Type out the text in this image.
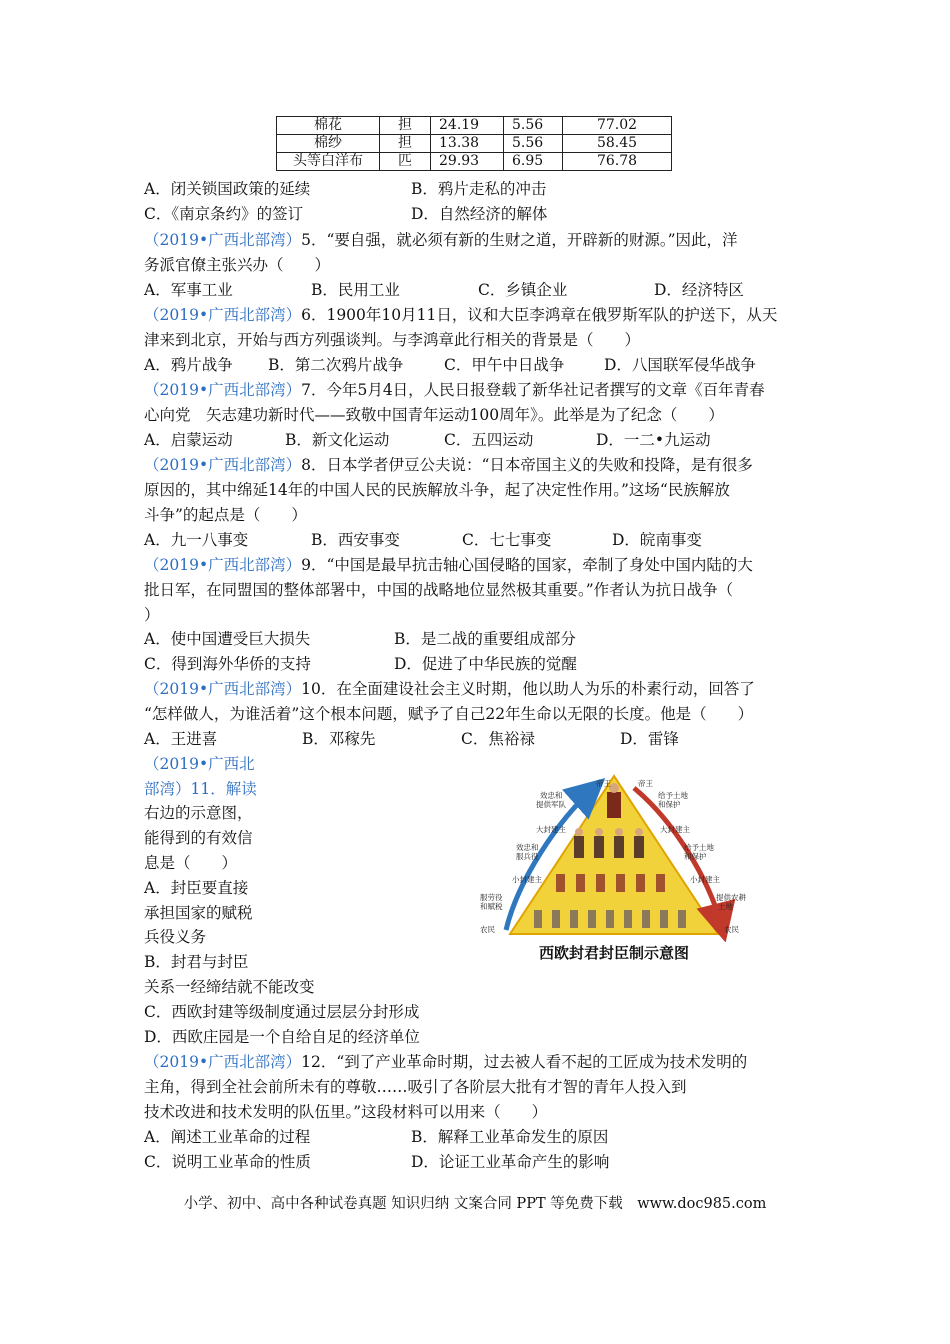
棉花	担	24.19	5.56	77.02
棉纱	担	13.38	5.56	58.45
头等白洋布	匹	29.93	6.95	76.78
A．闭关锁国政策的延续	B．鸦片走私的冲击
C．《南京条约》的签订	D．自然经济的解体
（2019•广西北部湾）5．“要自强，就必须有新的生财之道，开辟新的财源。”因此，洋
务派官僚主张兴办（　　）
A．军事工业	B．民用工业	C．乡镇企业	D．经济特区
（2019•广西北部湾）6．1900年10月11日，议和大臣李鸿章在俄罗斯军队的护送下，从天
津来到北京，开始与西方列强谈判。与李鸿章此行相关的背景是（　　）
A．鸦片战争 B．第二次鸦片战争	C．甲午中日战争	D．八国联军侵华战争
（2019•广西北部湾）7．今年5月4日，人民日报登载了新华社记者撰写的文章《百年青春
心向党　矢志建功新时代——致敬中国青年运动100周年》。此举是为了纪念（　　）
A．启蒙运动	B．新文化运动	C．五四运动	D．一二•九运动
（2019•广西北部湾）8．日本学者伊豆公夫说：“日本帝国主义的失败和投降，是有很多
原因的，其中绵延14年的中国人民的民族解放斗争，起了决定性作用。”这场“民族解放
斗争”的起点是（　　）
A．九一八事变	B．西安事变	C．七七事变	D．皖南事变
（2019•广西北部湾）9．“中国是最早抗击轴心国侵略的国家，牵制了身处中国内陆的大
批日军，在同盟国的整体部署中，中国的战略地位显然极其重要。”作者认为抗日战争（
）
A．使中国遭受巨大损失	B．是二战的重要组成部分
C．得到海外华侨的支持	D．促进了中华民族的觉醒
（2019•广西北部湾）10．在全面建设社会主义时期，他以助人为乐的朴素行动，回答了
“怎样做人，为谁活着”这个根本问题，赋予了自己22年生命以无限的长度。他是（　　）
A．王进喜	B．邓稼先	C．焦裕禄	D．雷锋
（2019•广西北
部湾）11．解读
右边的示意图，
能得到的有效信
息是（　　）
A．封臣要直接
承担国家的赋税
兵役义务
B．封君与封臣
关系一经缔结就不能改变
C．西欧封建等级制度通过层层分封形成
D．西欧庄园是一个自给自足的经济单位
帝王	帝王
大封建主	大封建主
小封建主	小封建主
农民	农民
效忠和
提供军队
效忠和
服兵役
服劳役
和赋税
给予土地
和保护
给予土地
和保护
提供农耕
土地
西欧封君封臣制示意图
（2019•广西北部湾）12．“到了产业革命时期，过去被人看不起的工匠成为技术发明的
主角，得到全社会前所未有的尊敬……吸引了各阶层大批有才智的青年人投入到
技术改进和技术发明的队伍里。”这段材料可以用来（　　）
A．阐述工业革命的过程	B．解释工业革命发生的原因
C．说明工业革命的性质	D．论证工业革命产生的影响
小学、初中、高中各种试卷真题 知识归纳 文案合同 PPT 等免费下载　www.doc985.com
